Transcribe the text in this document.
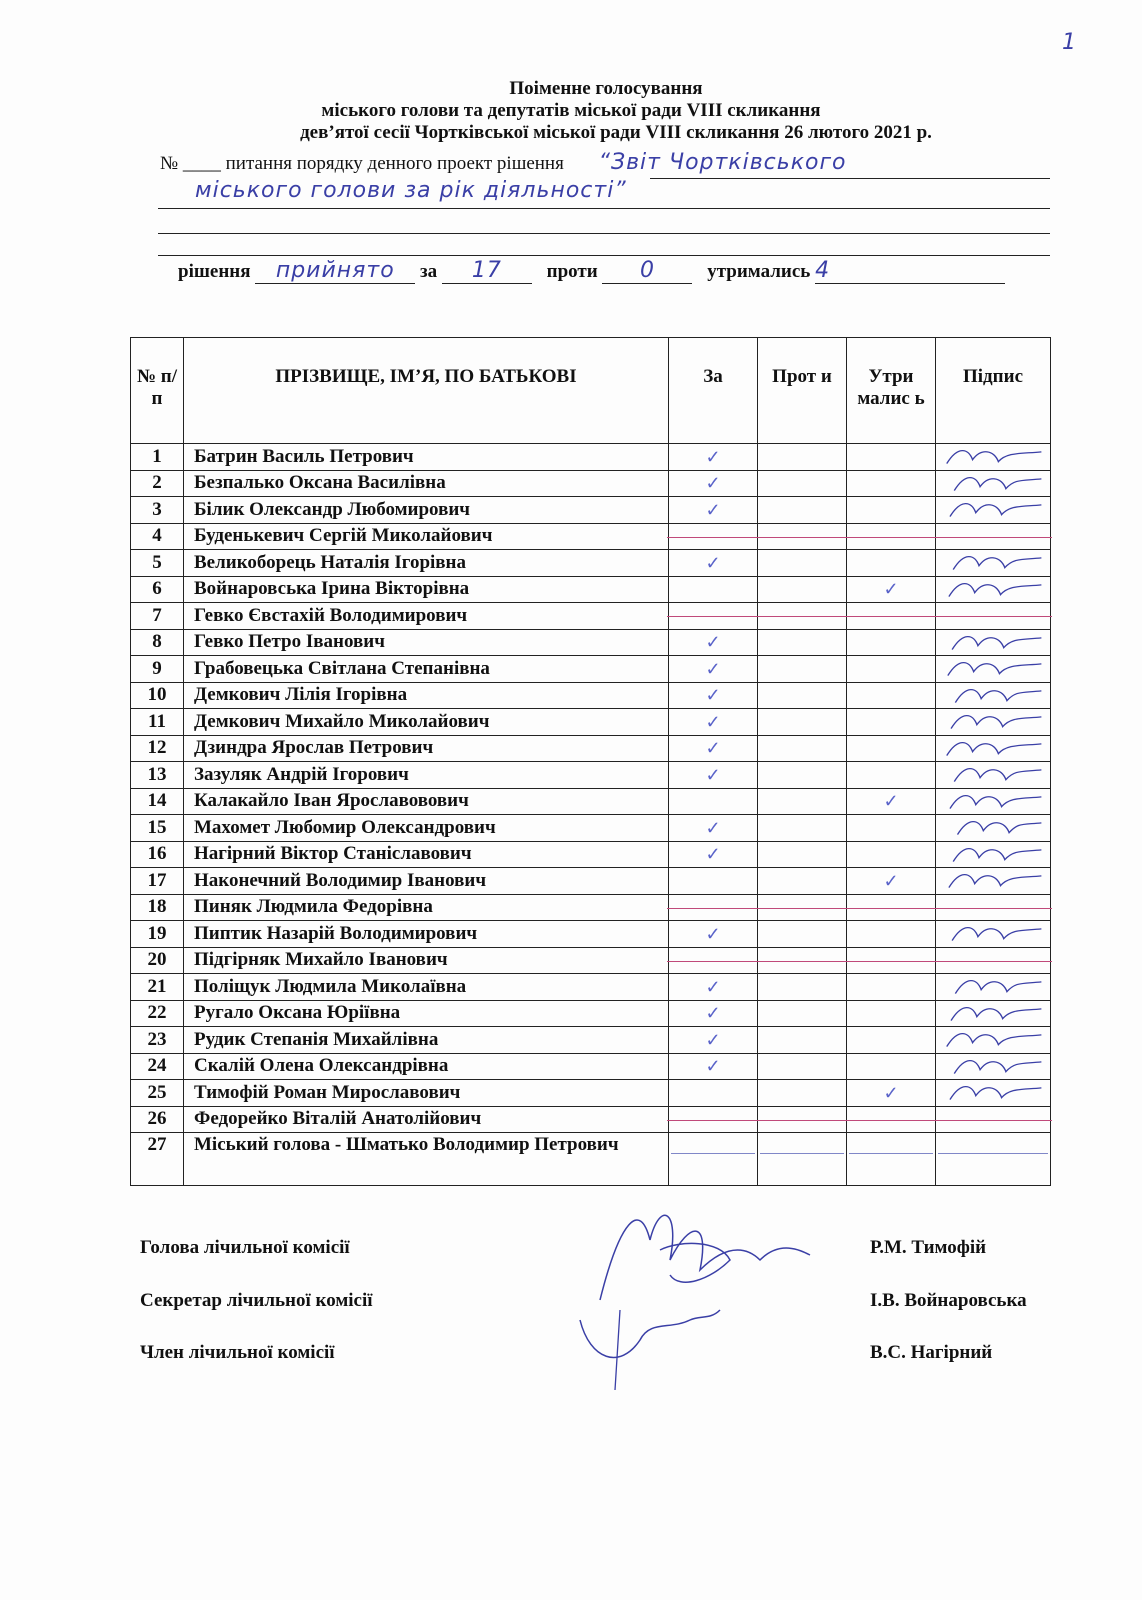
1
Поіменне голосування
міського голови та депутатів міської ради VIII скликання
дев’ятої сесії Чортківської міської ради VIII скликання 26 лютого 2021 р.
№ ____ питання порядку денного проект рішення “Звіт Чортківського
міського голови за рік діяльності”
рішення прийнято за 17 проти 0	утримались 4
№ п/п	ПРІЗВИЩЕ, ІМ’Я, ПО БАТЬКОВІ	За	Прот и	Утри малис ь	Підпис
1	Батрин Василь Петрович	✓			

2	Безпалько Оксана Василівна	✓			

3	Білик Олександр Любомирович	✓			

4	Буденькевич Сергій Миколайович				
5	Великоборець Наталія Ігорівна	✓			

6	Войнаровська Ірина Вікторівна			✓	

7	Гевко Євстахій Володимирович				
8	Гевко Петро Іванович	✓			

9	Грабовецька Світлана Степанівна	✓			

10	Демкович Лілія Ігорівна	✓			

11	Демкович Михайло Миколайович	✓			

12	Дзиндра Ярослав Петрович	✓			

13	Зазуляк Андрій Ігорович	✓			

14	Калакайло Іван Ярославовович			✓	

15	Махомет Любомир Олександрович	✓			

16	Нагірний Віктор Станіславович	✓			

17	Наконечний Володимир Іванович			✓	

18	Пиняк Людмила Федорівна				
19	Пиптик Назарій Володимирович	✓			

20	Підгірняк Михайло Іванович				
21	Поліщук Людмила Миколаївна	✓			

22	Ругало Оксана Юріївна	✓			

23	Рудик Степанія Михайлівна	✓			

24	Скалій Олена Олександрівна	✓			

25	Тимофій Роман Мирославович			✓	

26	Федорейко Віталій Анатолійович				
27	Міський голова - Шматько Володимир Петрович				
Голова лічильної комісії	Р.М. Тимофій
Секретар лічильної комісії	І.В. Войнаровська
Член лічильної комісії	В.С. Нагірний
